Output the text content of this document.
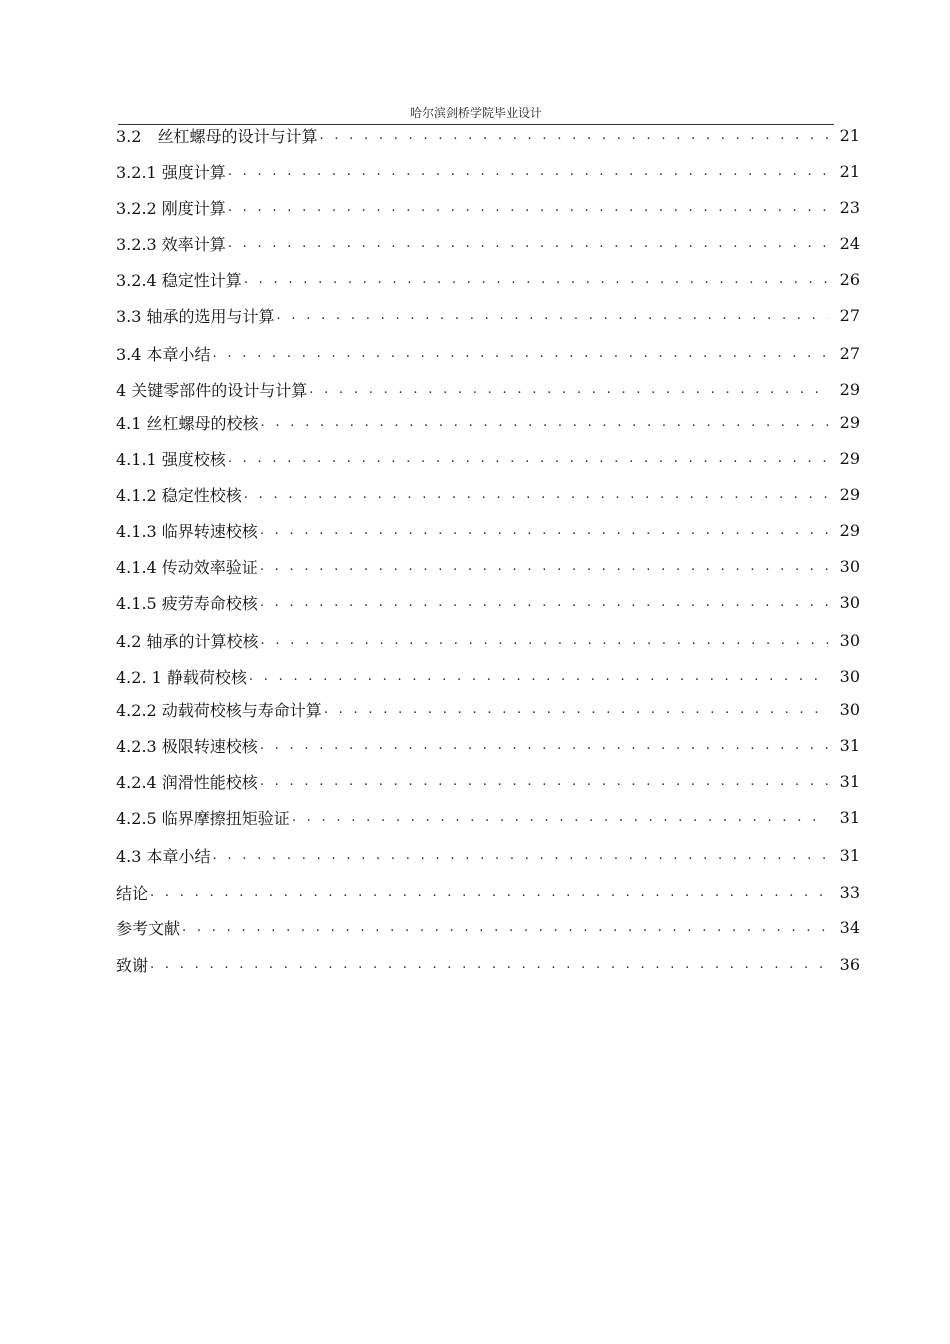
哈尔滨剑桥学院毕业设计
3.2　丝杠螺母的设计与计算 . . .	21
3.2.1 强度计算 . . .	21
3.2.2 刚度计算 . . .	23
3.2.3 效率计算 . . .	24
3.2.4 稳定性计算 . . .	26
3.3 轴承的选用与计算 . . .	27
3.4 本章小结 . . .	27
4 关键零部件的设计与计算 . . .	29
4.1 丝杠螺母的校核 . . .	29
4.1.1 强度校核 . . .	29
4.1.2 稳定性校核 . . .	29
4.1.3 临界转速校核 . . .	29
4.1.4 传动效率验证 . . .	30
4.1.5 疲劳寿命校核 . . .	30
4.2 轴承的计算校核 . . .	30
4.2. 1 静载荷校核 . . .	30
4.2.2 动载荷校核与寿命计算 . . .	30
4.2.3 极限转速校核 . . .	31
4.2.4 润滑性能校核 . . .	31
4.2.5 临界摩擦扭矩验证 . . .	31
4.3 本章小结 . . .	31
结论 . . .	33
参考文献 . . .	34
致谢 . . .	36
